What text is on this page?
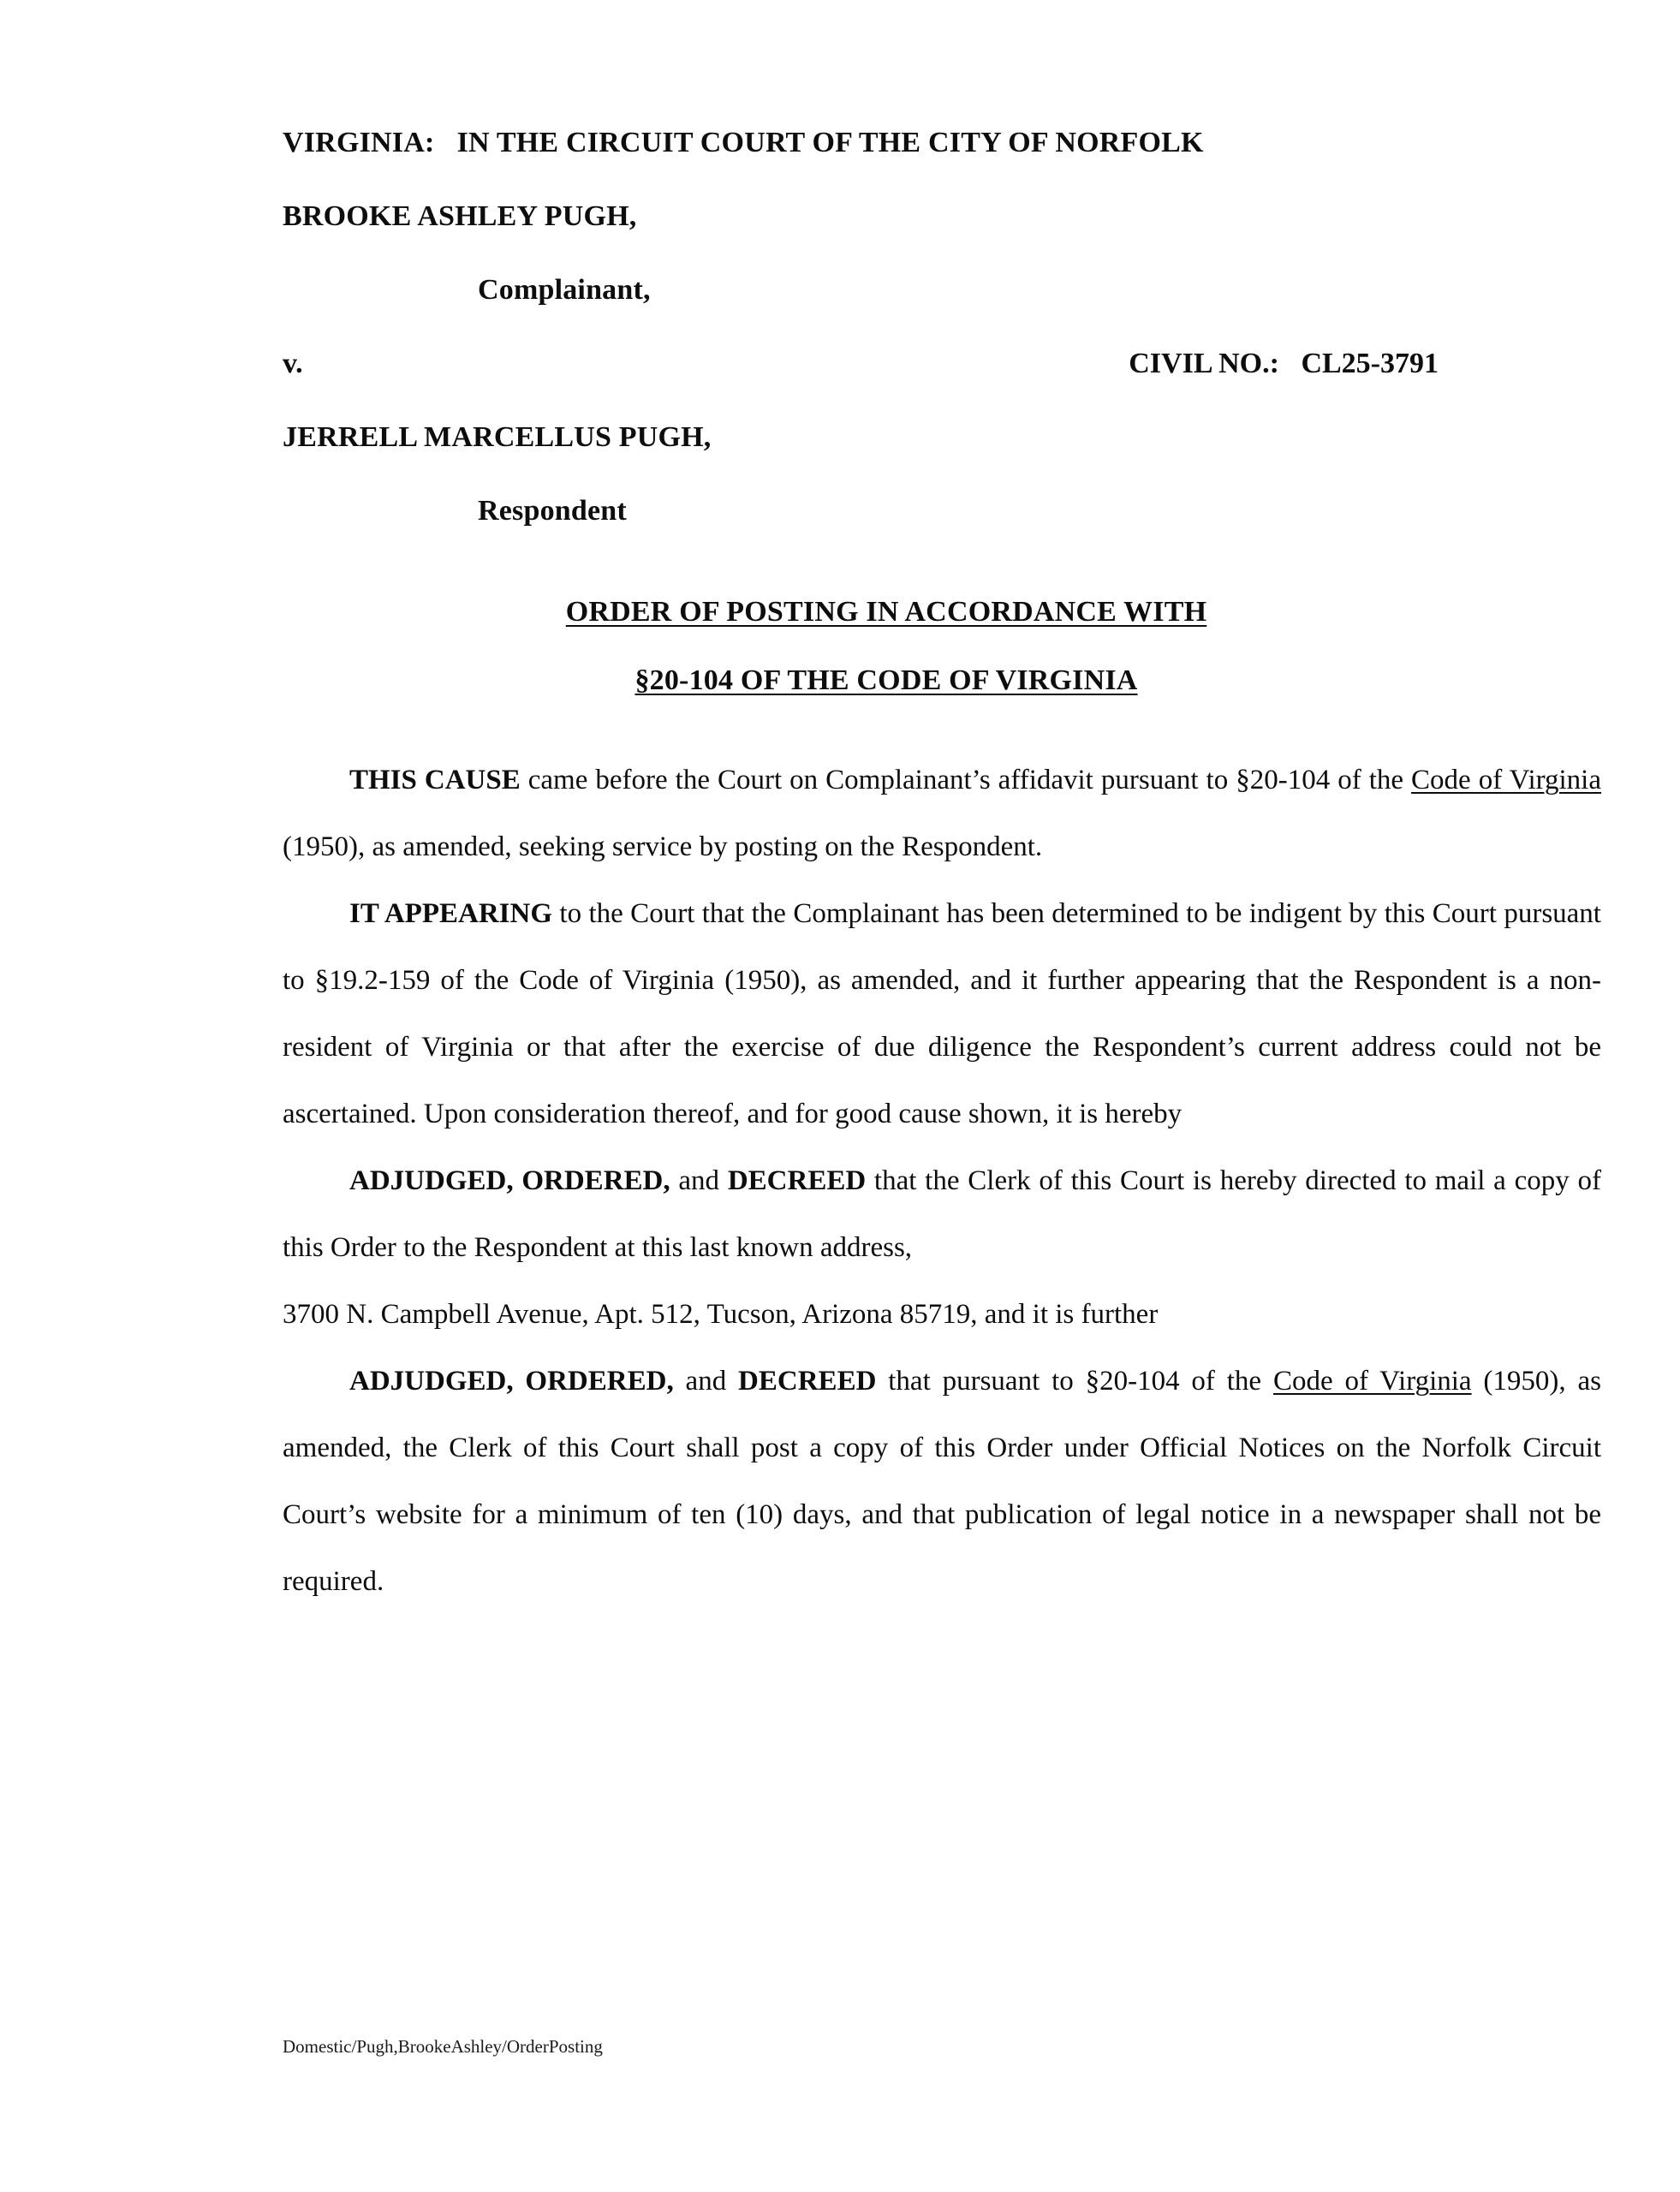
VIRGINIA:   IN THE CIRCUIT COURT OF THE CITY OF NORFOLK
BROOKE ASHLEY PUGH,
Complainant,
v.	CIVIL NO.:   CL25-3791
JERRELL MARCELLUS PUGH,
Respondent
ORDER OF POSTING IN ACCORDANCE WITH
§20-104 OF THE CODE OF VIRGINIA

THIS CAUSE came before the Court on Complainant’s affidavit pursuant to §20-104 of the Code of Virginia (1950), as amended, seeking service by posting on the Respondent.

IT APPEARING to the Court that the Complainant has been determined to be indigent by this Court pursuant to §19.2-159 of the Code of Virginia (1950), as amended, and it further appearing that the Respondent is a non-resident of Virginia or that after the exercise of due diligence the Respondent’s current address could not be ascertained. Upon consideration thereof, and for good cause shown, it is hereby

ADJUDGED, ORDERED, and DECREED that the Clerk of this Court is hereby directed to mail a copy of this Order to the Respondent at this last known address,

3700 N. Campbell Avenue, Apt. 512, Tucson, Arizona 85719, and it is further

ADJUDGED, ORDERED, and DECREED that pursuant to §20-104 of the Code of Virginia (1950), as amended, the Clerk of this Court shall post a copy of this Order under Official Notices on the Norfolk Circuit Court’s website for a minimum of ten (10) days, and that publication of legal notice in a newspaper shall not be required.

Domestic/Pugh,BrookeAshley/OrderPosting
